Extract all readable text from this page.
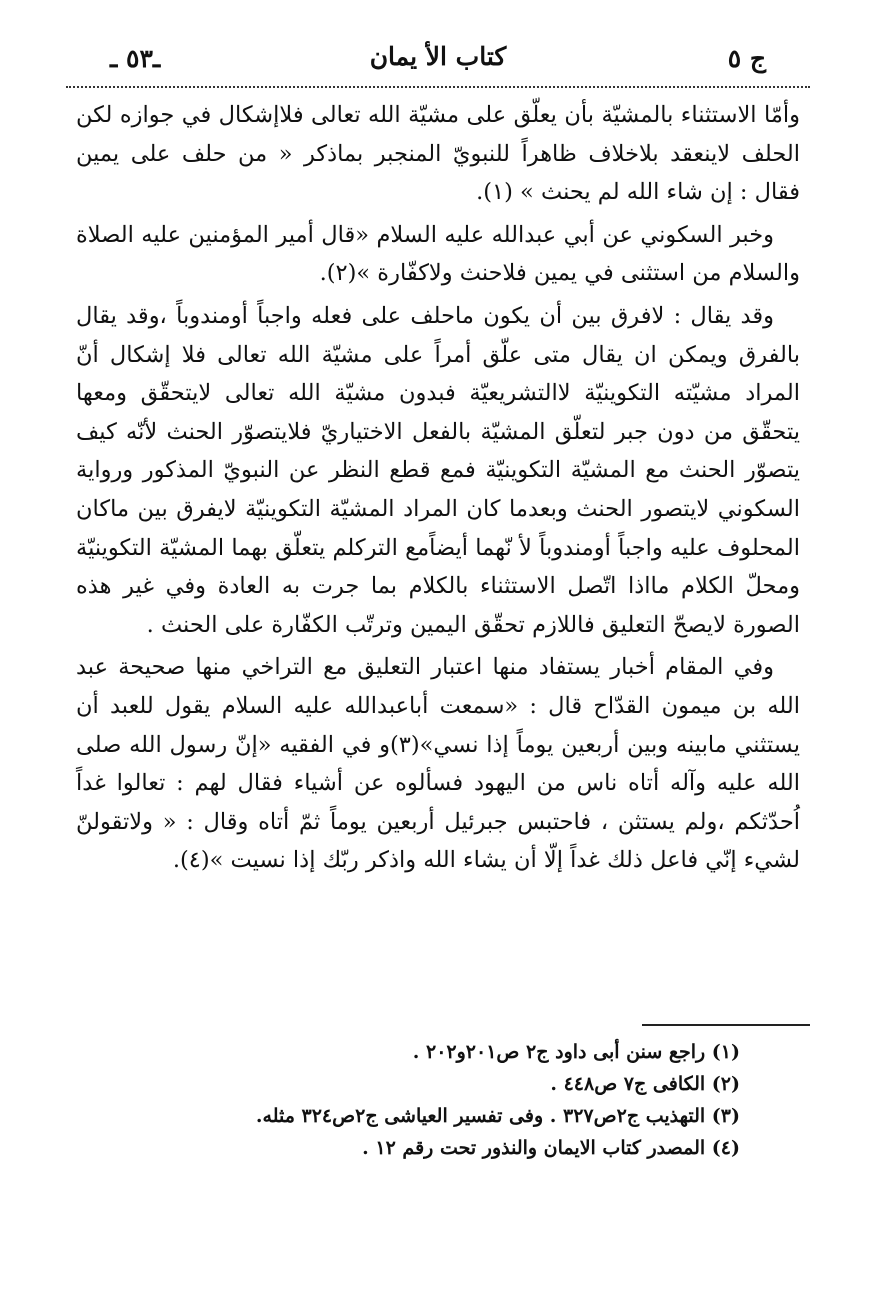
ج ٥
كتاب الأ يمان
ـ٥٣ ـ

وأمّا الاستثناء بالمشيّة بأن يعلّق على مشيّة الله تعالى فلاإشكال في جوازه لكن الحلف لاينعقد بلاخلاف ظاهراً للنبويّ المنجبر بماذكر « من حلف على يمين فقال : إن شاء الله لم يحنث » (١).

وخبر السكوني عن أبي عبدالله عليه السلام «قال أمير المؤمنين عليه الصلاة والسلام من استثنى في يمين فلاحنث ولاكفّارة »(٢).

وقد يقال : لافرق بين أن يكون ماحلف على فعله واجباً أومندوباً ،وقد يقال بالفرق ويمكن ان يقال متى علّق أمراً على مشيّة الله تعالى فلا إشكال أنّ المراد مشيّته التكوينيّة لاالتشريعيّة فبدون مشيّة الله تعالى لايتحقّق ومعها يتحقّق من دون جبر لتعلّق المشيّة بالفعل الاختياريّ فلايتصوّر الحنث لأنّه كيف يتصوّر الحنث مع المشيّة التكوينيّة فمع قطع النظر عن النبويّ المذكور ورواية السكوني لايتصور الحنث وبعدما كان المراد المشيّة التكوينيّة لايفرق بين ماكان المحلوف عليه واجباً أومندوباً لأ نّهما أيضاًمع التركلم يتعلّق بهما المشيّة التكوينيّة ومحلّ الكلام مااذا اتّصل الاستثناء بالكلام بما جرت به العادة وفي غير هذه الصورة لايصحّ التعليق فاللازم تحقّق اليمين وترتّب الكفّارة على الحنث .

وفي المقام أخبار يستفاد منها اعتبار التعليق مع التراخي منها صحيحة عبد الله بن ميمون القدّاح قال : «سمعت أباعبدالله عليه السلام يقول للعبد أن يستثني مابينه وبين أربعين يوماً إذا نسي»(٣)و في الفقيه «إنّ رسول الله صلى الله عليه وآله أتاه ناس من اليهود فسألوه عن أشياء فقال لهم : تعالوا غداً اُحدّثكم ،ولم يستثن ، فاحتبس جبرئيل أربعين يوماً ثمّ أتاه وقال : « ولاتقولنّ لشيء إنّي فاعل ذلك غداً إلّا أن يشاء الله واذكر ربّك إذا نسيت »(٤).

(١) راجع سنن أبى داود ج٢ ص٢٠١و٢٠٢ .
(٢) الكافى ج٧ ص٤٤٨ .
(٣) التهذيب ج٢ص٣٢٧ . وفى تفسير العياشى ج٢ص٣٢٤ مثله.
(٤) المصدر كتاب الايمان والنذور تحت رقم ١٢ .
